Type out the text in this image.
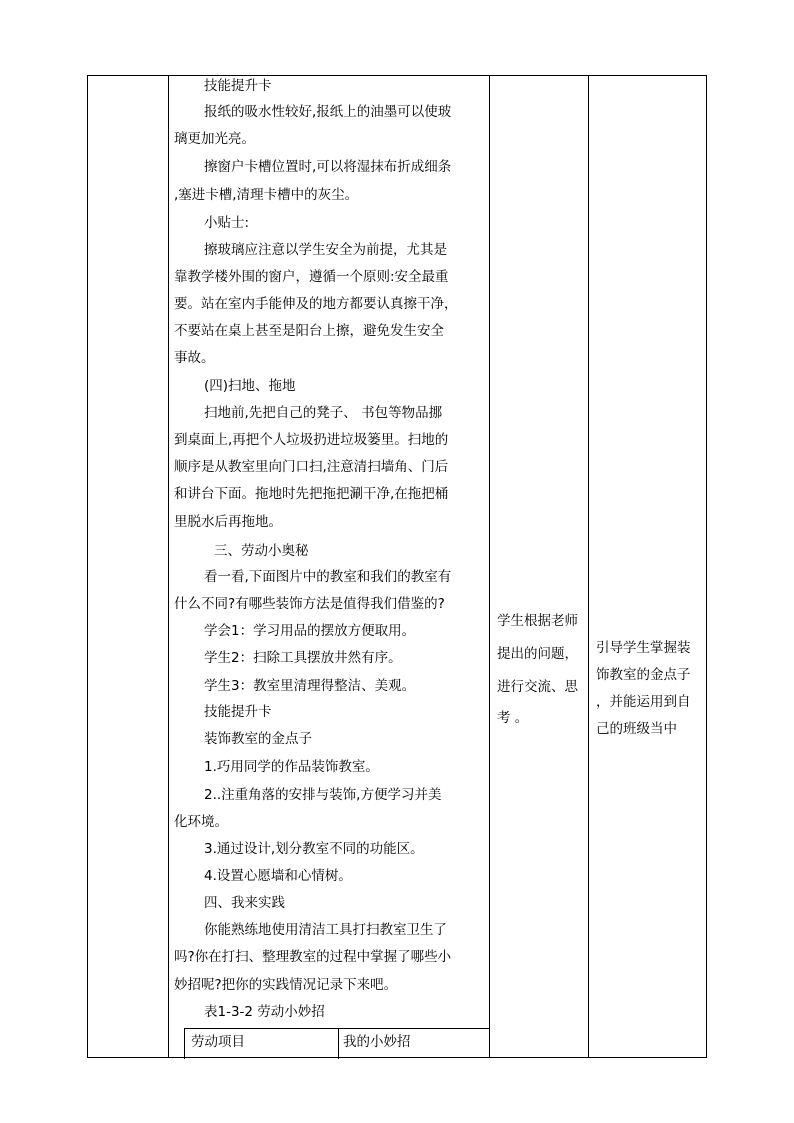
技能提升卡
报纸的吸水性较好,报纸上的油墨可以使玻
璃更加光亮。
擦窗户卡槽位置时,可以将湿抹布折成细条
,塞进卡槽,清理卡槽中的灰尘。
小贴士:
擦玻璃应注意以学生安全为前提，尤其是
靠教学楼外围的窗户，遵循一个原则:安全最重
要。站在室内手能伸及的地方都要认真擦干净，
不要站在桌上甚至是阳台上擦，避免发生安全
事故。
(四)扫地、拖地
扫地前,先把自己的凳子、 书包等物品挪
到桌面上,再把个人垃圾扔进垃圾篓里。扫地的
顺序是从教室里向门口扫,注意清扫墙角、门后
和讲台下面。拖地时先把拖把涮干净,在拖把桶
里脱水后再拖地。
三、劳动小奥秘
看一看,下面图片中的教室和我们的教室有
什么不同?有哪些装饰方法是值得我们借鉴的?
学会1：学习用品的摆放方便取用。
学生2：扫除工具摆放井然有序。
学生3：教室里清理得整洁、美观。
技能提升卡
装饰教室的金点子
1.巧用同学的作品装饰教室。
2..注重角落的安排与装饰,方便学习并美
化环境。
3.通过设计,划分教室不同的功能区。
4.设置心愿墙和心情树。
四、我来实践
你能熟练地使用清洁工具打扫教室卫生了
吗?你在打扫、整理教室的过程中掌握了哪些小
妙招呢?把你的实践情况记录下来吧。
表1-3-2 劳动小妙招
劳动项目	我的小妙招
学生根据老师
提出的问题，
进行交流、思
考 。
引导学生掌握装
饰教室的金点子
，并能运用到自
己的班级当中
